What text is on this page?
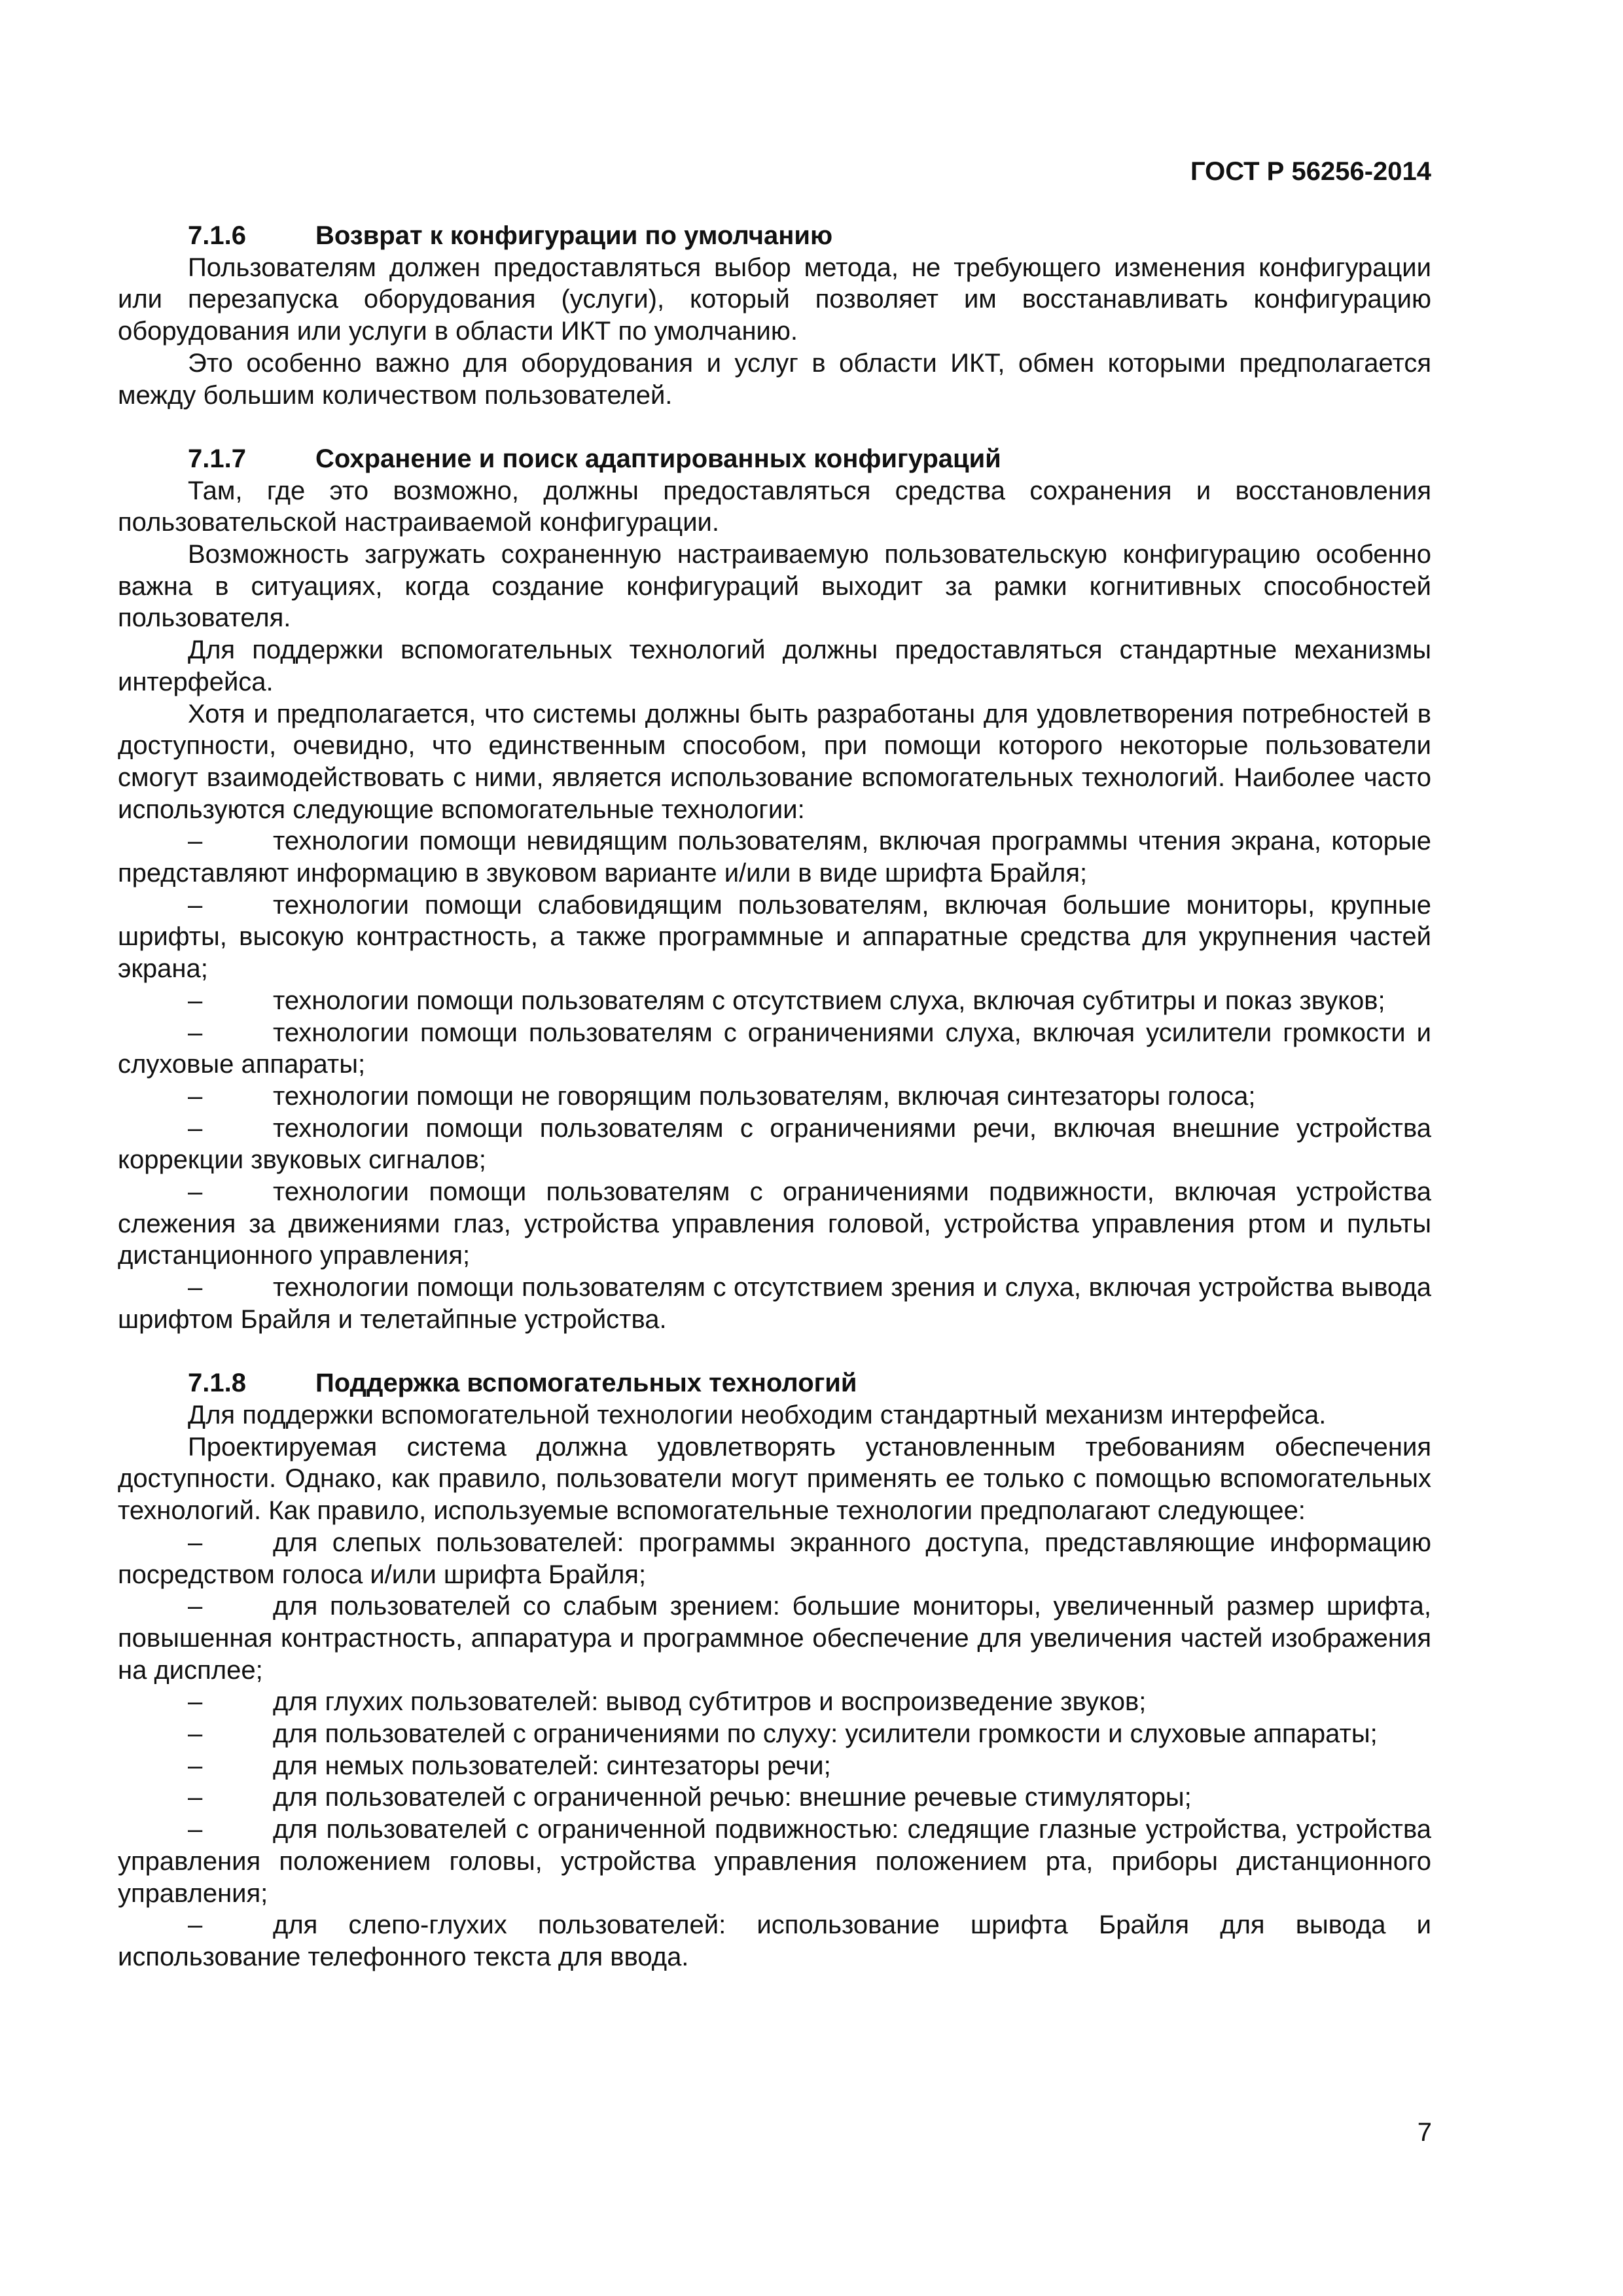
ГОСТ Р 56256-2014
7.1.6	Возврат к конфигурации по умолчанию

Пользователям должен предоставляться выбор метода, не требующего изменения конфигурации или перезапуска оборудования (услуги), который позволяет им восстанавливать конфигурацию оборудования или услуги в области ИКТ по умолчанию.

Это особенно важно для оборудования и услуг в области ИКТ, обмен которыми предполагается между большим количеством пользователей.

7.1.7	Сохранение и поиск адаптированных конфигураций

Там, где это возможно, должны предоставляться средства сохранения и восстановления пользовательской настраиваемой конфигурации.

Возможность загружать сохраненную настраиваемую пользовательскую конфигурацию особенно важна в ситуациях, когда создание конфигураций выходит за рамки когнитивных способностей пользователя.

Для поддержки вспомогательных технологий должны предоставляться стандартные механизмы интерфейса.

Хотя и предполагается, что системы должны быть разработаны для удовлетворения потребностей в доступности, очевидно, что единственным способом, при помощи которого некоторые пользователи смогут взаимодействовать с ними, является использование вспомогательных технологий. Наиболее часто используются следующие вспомогательные технологии:

–	технологии помощи невидящим пользователям, включая программы чтения экрана, которые представляют информацию в звуковом варианте и/или в виде шрифта Брайля;

–	технологии помощи слабовидящим пользователям, включая большие мониторы, крупные шрифты, высокую контрастность, а также программные и аппаратные средства для укрупнения частей экрана;

–	технологии помощи пользователям с отсутствием слуха, включая субтитры и показ звуков;

–	технологии помощи пользователям с ограничениями слуха, включая усилители громкости и слуховые аппараты;

–	технологии помощи не говорящим пользователям, включая синтезаторы голоса;

–	технологии помощи пользователям с ограничениями речи, включая внешние устройства коррекции звуковых сигналов;

–	технологии помощи пользователям с ограничениями подвижности, включая устройства слежения за движениями глаз, устройства управления головой, устройства управления ртом и пульты дистанционного управления;

–	технологии помощи пользователям с отсутствием зрения и слуха, включая устройства вывода шрифтом Брайля и телетайпные устройства.

7.1.8	Поддержка вспомогательных технологий

Для поддержки вспомогательной технологии необходим стандартный механизм интерфейса.

Проектируемая система должна удовлетворять установленным требованиям обеспечения доступности. Однако, как правило, пользователи могут применять ее только с помощью вспомогательных технологий. Как правило, используемые вспомогательные технологии предполагают следующее:

–	для слепых пользователей: программы экранного доступа, представляющие информацию посредством голоса и/или шрифта Брайля;

–	для пользователей со слабым зрением: большие мониторы, увеличенный размер шрифта, повышенная контрастность, аппаратура и программное обеспечение для увеличения частей изображения на дисплее;

–	для глухих пользователей: вывод субтитров и воспроизведение звуков;

–	для пользователей с ограничениями по слуху: усилители громкости и слуховые аппараты;

–	для немых пользователей: синтезаторы речи;

–	для пользователей с ограниченной речью: внешние речевые стимуляторы;

–	для пользователей с ограниченной подвижностью: следящие глазные устройства, устройства управления положением головы, устройства управления положением рта, приборы дистанционного управления;

–	для слепо-глухих пользователей: использование шрифта Брайля для вывода и использование телефонного текста для ввода.

7
